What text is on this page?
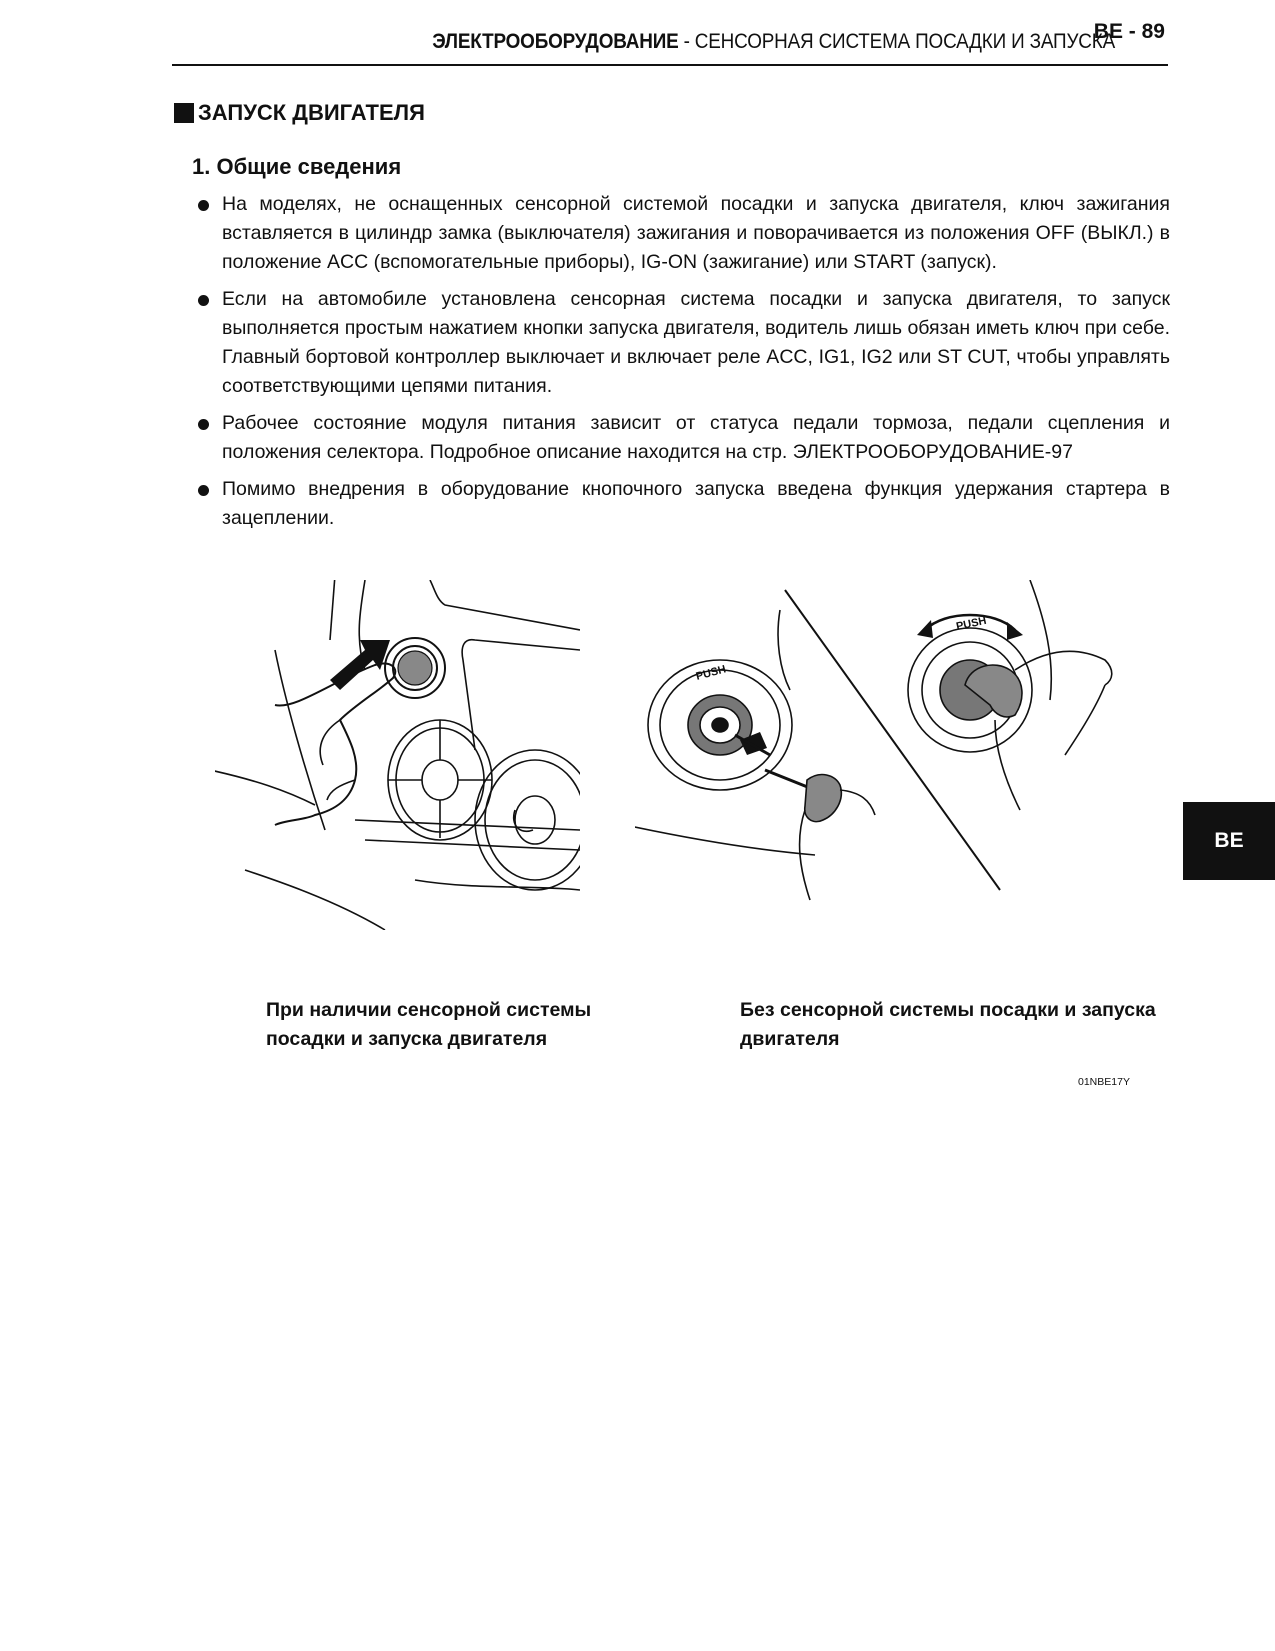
ЭЛЕКТРООБОРУДОВАНИЕ - СЕНСОРНАЯ СИСТЕМА ПОСАДКИ И ЗАПУСКА
BE - 89
ЗАПУСК ДВИГАТЕЛЯ
1. Общие сведения
На моделях, не оснащенных сенсорной системой посадки и запуска двигателя, ключ зажигания вставляется в цилиндр замка (выключателя) зажигания и поворачивается из положения OFF (ВЫКЛ.) в положение ACC (вспомогательные приборы), IG-ON (зажигание) или START (запуск).
Если на автомобиле установлена сенсорная система посадки и запуска двигателя, то запуск выполняется простым нажатием кнопки запуска двигателя, водитель лишь обязан иметь ключ при себе. Главный бортовой контроллер выключает и включает реле ACC, IG1, IG2 или ST CUT, чтобы управлять соответствующими цепями питания.
Рабочее состояние модуля питания зависит от статуса педали тормоза, педали сцепления и положения селектора. Подробное описание находится на стр. ЭЛЕКТРООБОРУДОВАНИЕ-97
Помимо внедрения в оборудование кнопочного запуска введена функция удержания стартера в зацеплении.
PUSH
PUSH
При наличии сенсорной системы посадки и запуска двигателя
Без сенсорной системы посадки и запуска двигателя
01NBE17Y
BE
